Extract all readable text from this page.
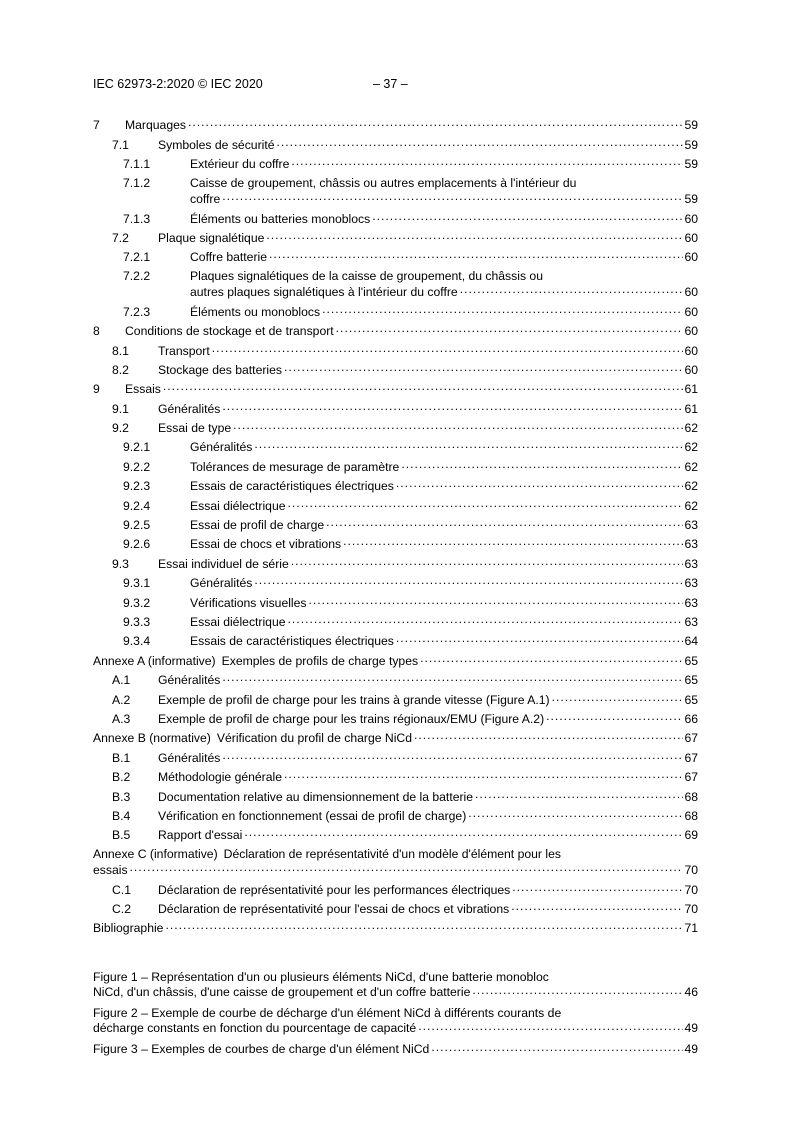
IEC 62973-2:2020 © IEC 2020	– 37 –
7	Marquages .....	59
7.1	Symboles de sécurité .....	59
7.1.1	Extérieur du coffre .....	59
7.1.2	Caisse de groupement, châssis ou autres emplacements à l'intérieur du
coffre .....	59
7.1.3	Éléments ou batteries monoblocs .....	60
7.2	Plaque signalétique .....	60
7.2.1	Coffre batterie .....	60
7.2.2	Plaques signalétiques de la caisse de groupement, du châssis ou
autres plaques signalétiques à l'intérieur du coffre .....	60
7.2.3	Éléments ou monoblocs .....	60
8	Conditions de stockage et de transport .....	60
8.1	Transport .....	60
8.2	Stockage des batteries .....	60
9	Essais .....	61
9.1	Généralités .....	61
9.2	Essai de type .....	62
9.2.1	Généralités .....	62
9.2.2	Tolérances de mesurage de paramètre .....	62
9.2.3	Essais de caractéristiques électriques .....	62
9.2.4	Essai diélectrique .....	62
9.2.5	Essai de profil de charge .....	63
9.2.6	Essai de chocs et vibrations .....	63
9.3	Essai individuel de série .....	63
9.3.1	Généralités .....	63
9.3.2	Vérifications visuelles .....	63
9.3.3	Essai diélectrique .....	63
9.3.4	Essais de caractéristiques électriques .....	64
Annexe A (informative) Exemples de profils de charge types .....	65
A.1	Généralités .....	65
A.2	Exemple de profil de charge pour les trains à grande vitesse (Figure A.1) .....	65
A.3	Exemple de profil de charge pour les trains régionaux/EMU (Figure A.2) .....	66
Annexe B (normative) Vérification du profil de charge NiCd .....	67
B.1	Généralités .....	67
B.2	Méthodologie générale .....	67
B.3	Documentation relative au dimensionnement de la batterie .....	68
B.4	Vérification en fonctionnement (essai de profil de charge) .....	68
B.5	Rapport d'essai .....	69
Annexe C (informative) Déclaration de représentativité d'un modèle d'élément pour les
essais .....	70
C.1	Déclaration de représentativité pour les performances électriques .....	70
C.2	Déclaration de représentativité pour l'essai de chocs et vibrations .....	70
Bibliographie .....	71
Figure 1 – Représentation d'un ou plusieurs éléments NiCd, d'une batterie monobloc
NiCd, d'un châssis, d'une caisse de groupement et d'un coffre batterie .....	46
Figure 2 – Exemple de courbe de décharge d'un élément NiCd à différents courants de
décharge constants en fonction du pourcentage de capacité .....	49
Figure 3 – Exemples de courbes de charge d'un élément NiCd .....	49
